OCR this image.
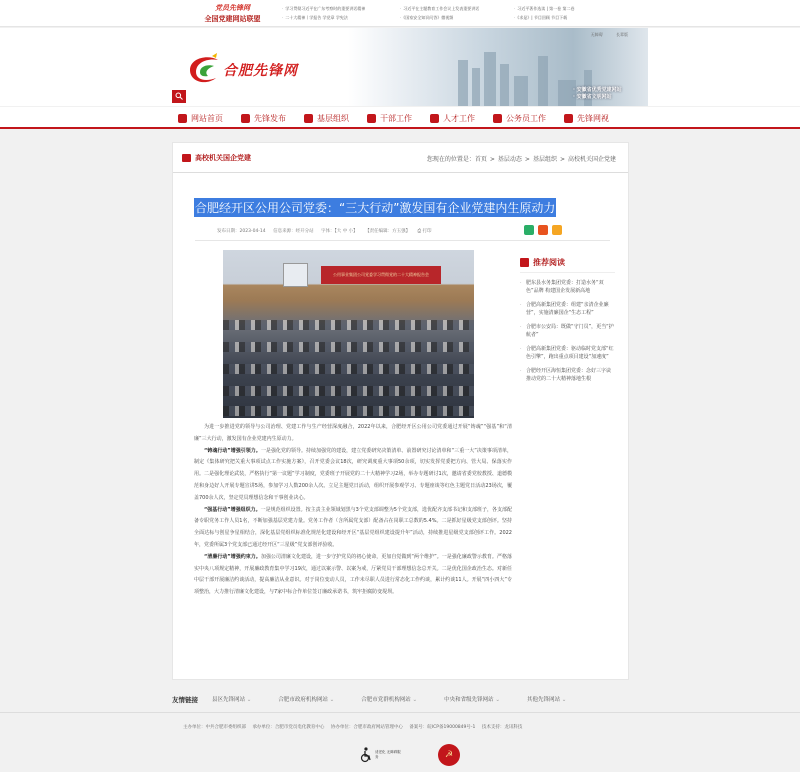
党员先锋网
全国党建网站联盟
· 学习贯彻习近平在广东考察时的重要讲话精神
· 二十大精神丨学报告 学党章 学宪法
· 习近平在主题教育工作会议上发表重要讲话
· 《国家安全知识问答》微视频
· 习近平著作选读 | 第一卷 第二卷
· 《求是》| 节目回顾 节目下载
无障碍	长辈版
合肥先锋网
· 安徽省优秀党建网站
· 安徽省文明网站
网站首页	先锋发布	基层组织	干部工作	人才工作	公务员工作	先锋网视
高校机关国企党建	您现在的位置是：首页 > 基层动态 > 基层组织 > 高校机关国企党建
合肥经开区公用公司党委：“三大行动”激发国有企业党建内生原动力
发布日期：2023-04-14 信息来源：经开分站 字体：【大 中 小】 【责任编辑：方玉强】 ⎙ 打印
公用事业集团公司党委学习贯彻党的二十大精神报告会

为进一步推进党的领导与公司治理、党建工作与生产经营深度融合，2022年以来，合肥经开区公用公司党委通过开展“铸魂”“强基”和“清廉”三大行动，激发国有企业党建内生原动力。

“铸魂行动”增强引领力。一是强化党的领导。持续加强党的建设，建立党委研究决策清单、前置研究讨论清单和“三重一大”决策事项清单，制定《集体研究把关重大事项试点工作实施方案》，召开党委会议18次，研究调度重大事项50余项，切实发挥党委把方向、管大局、保落实作用。二是强化理论武装，严格执行“第一议题”学习制度，党委班子开展党的二十大精神学习2场，举办专题研讨1次，邀请省委党校教授、道德模范和身边好人开展专题宣讲5场，参加学习人数200余人次。立足主题党日活动，组织开展参观学习、专题座谈等红色主题党日活动23场次，覆盖700余人次，坚定党员理想信念和干事创业决心。

“强基行动”增强组织力。一是规范组织设置。按主责主业领域划黑与3个党支部调整为5个党支部，选优配齐支部书记和支部班子，各支部配备专职党务工作人员1名，不断加强基层党建力量。党务工作者（含所属党支部）配备占在岗职工总数的5.4%。二是抓好星级党支部创评。坚持全面达标与创星争星相结合，深化基层党组织标准化规范化建设和经开区“基层党组织建设提升年”活动，持续推进星级党支部创评工作。2022年，党委所属3个党支部已通过经开区“三星级”党支部创评验收。

“清廉行动”增强约束力。加强公司清廉文化建设，进一步守护党员的初心使命，更加自觉做到“两个维护”。一是强化廉政警示教育。严格落实中央八项规定精神，开展廉政教育集中学习19次，通过以案示警、以案为戒，厅紧党员干部理想信念总开关。二是优化国企政治生态。对新任中层干部开展廉洁约谈活动，提高廉洁从业意识。对于岗位变动人员，工作未尽职人员进行常态化工作约谈，累计约谈11人。开展“四小四大”专项整治，大力推行清廉文化建设，与7家中标合作单位签订廉政承诺书，筑牢拒腐防变堤坝。

推荐阅读
· 肥东县水务集团党委：打造水务“双色”品牌 构建国企发展新高地
· 合肥高新集团党委：组建“亲清企业廉营”，实施清廉国企“生态工程”
· 合肥市公安局：既做“守门员”，更当“护航者”
· 合肥高新集团党委：驱动临时党支部“红色引擎”，跑出重点项目建设“加速度”
· 合肥经开区海恒集团党委：念好三字诀 推动党的二十大精神落地生根
友情链接	县区先锋网站 ⌄	合肥市政府机构网站 ⌄	合肥市党群机构网站 ⌄	中央和省级先锋网站 ⌄	其他先锋网站 ⌄
主办单位：中共合肥市委组织部 承办单位：合肥市党员电化教育中心 协办单位：合肥市政府网站管理中心 备案号：皖ICP备19000849号-1 技术支持：龙讯科技
适老化 无障碍服务	☭
